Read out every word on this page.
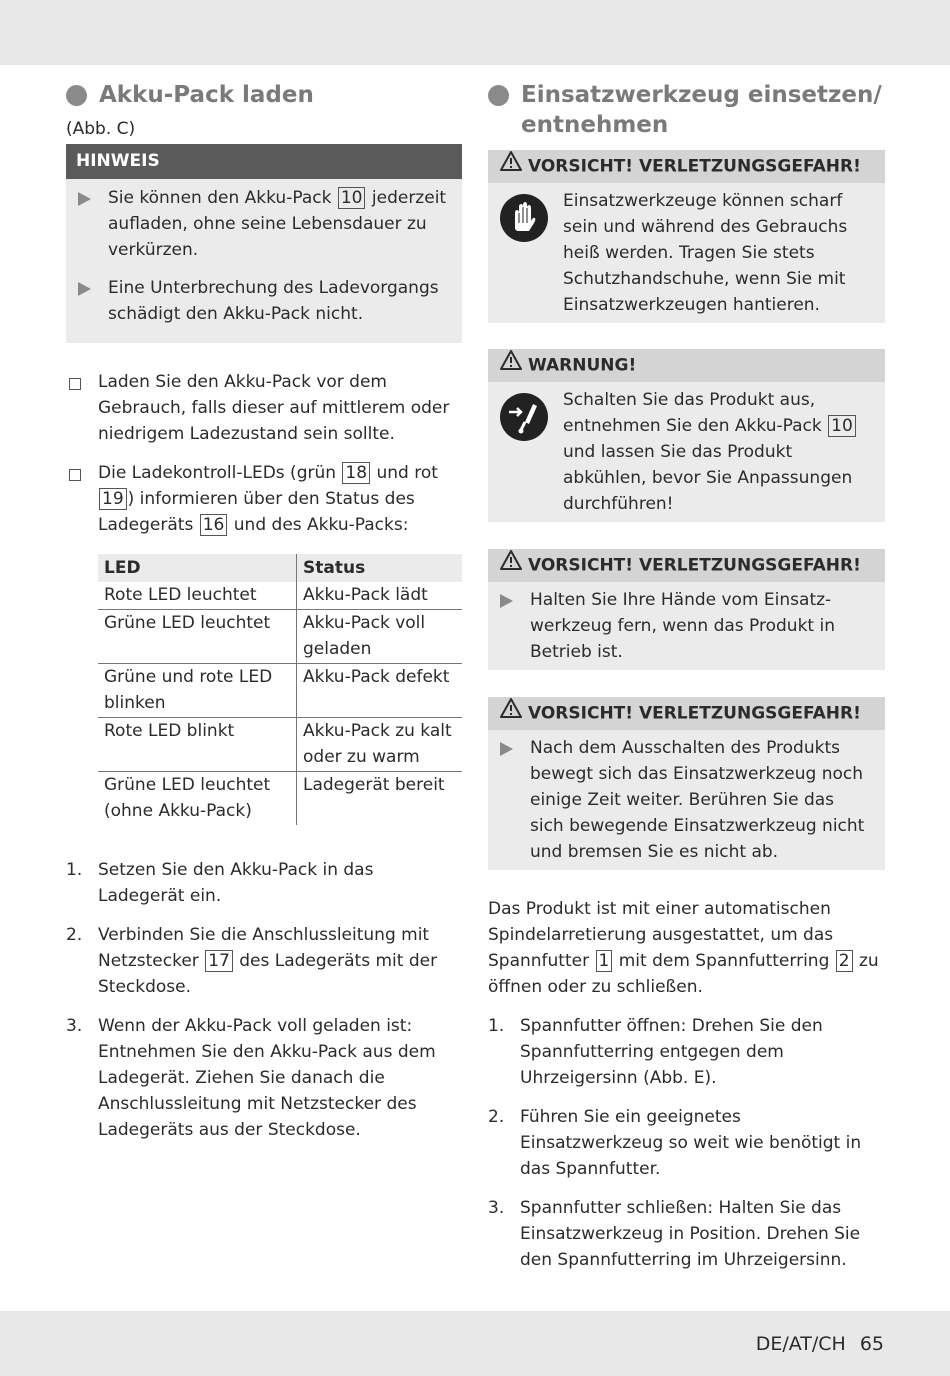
Akku-Pack laden
(Abb. C)
HINWEIS
Sie können den Akku-Pack 10 jederzeit aufladen, ohne seine Lebensdauer zu verkürzen.
Eine Unterbrechung des Ladevorgangs schädigt den Akku-Pack nicht.
Laden Sie den Akku-Pack vor dem Gebrauch, falls dieser auf mittlerem oder niedrigem Ladezustand sein sollte.
Die Ladekontroll-LEDs (grün 18 und rot 19 ) informieren über den Status des Ladegeräts 16 und des Akku-Packs:
LED	Status
Rote LED leuchtet	Akku-Pack lädt
Grüne LED leuchtet	Akku-Pack voll geladen
Grüne und rote LED blinken	Akku-Pack defekt
Rote LED blinkt	Akku-Pack zu kalt oder zu warm
Grüne LED leuchtet (ohne Akku-Pack)	Ladegerät bereit
1. Setzen Sie den Akku-Pack in das Ladegerät ein.
2. Verbinden Sie die Anschlussleitung mit Netzstecker 17 des Ladegeräts mit der Steckdose.
3. Wenn der Akku-Pack voll geladen ist: Entnehmen Sie den Akku-Pack aus dem Ladegerät. Ziehen Sie danach die Anschlussleitung mit Netzstecker des Ladegeräts aus der Steckdose.
Einsatzwerkzeug einsetzen/ entnehmen
VORSICHT! VERLETZUNGSGEFAHR!
Einsatzwerkzeuge können scharf sein und während des Gebrauchs heiß werden. Tragen Sie stets Schutzhandschuhe, wenn Sie mit Einsatzwerkzeugen hantieren.
WARNUNG!
Schalten Sie das Produkt aus, entnehmen Sie den Akku-Pack 10 und lassen Sie das Produkt abkühlen, bevor Sie Anpassungen durchführen!
VORSICHT! VERLETZUNGSGEFAHR!
Halten Sie Ihre Hände vom Einsatzwerkzeug fern, wenn das Produkt in Betrieb ist.
VORSICHT! VERLETZUNGSGEFAHR!
Nach dem Ausschalten des Produkts bewegt sich das Einsatzwerkzeug noch einige Zeit weiter. Berühren Sie das sich bewegende Einsatzwerkzeug nicht und bremsen Sie es nicht ab.
Das Produkt ist mit einer automatischen Spindelarretierung ausgestattet, um das Spannfutter 1 mit dem Spannfutterring 2 zu öffnen oder zu schließen.
1. Spannfutter öffnen: Drehen Sie den Spannfutterring entgegen dem Uhrzeigersinn (Abb. E).
2. Führen Sie ein geeignetes Einsatzwerkzeug so weit wie benötigt in das Spannfutter.
3. Spannfutter schließen: Halten Sie das Einsatzwerkzeug in Position. Drehen Sie den Spannfutterring im Uhrzeigersinn.
DE/AT/CH 65
